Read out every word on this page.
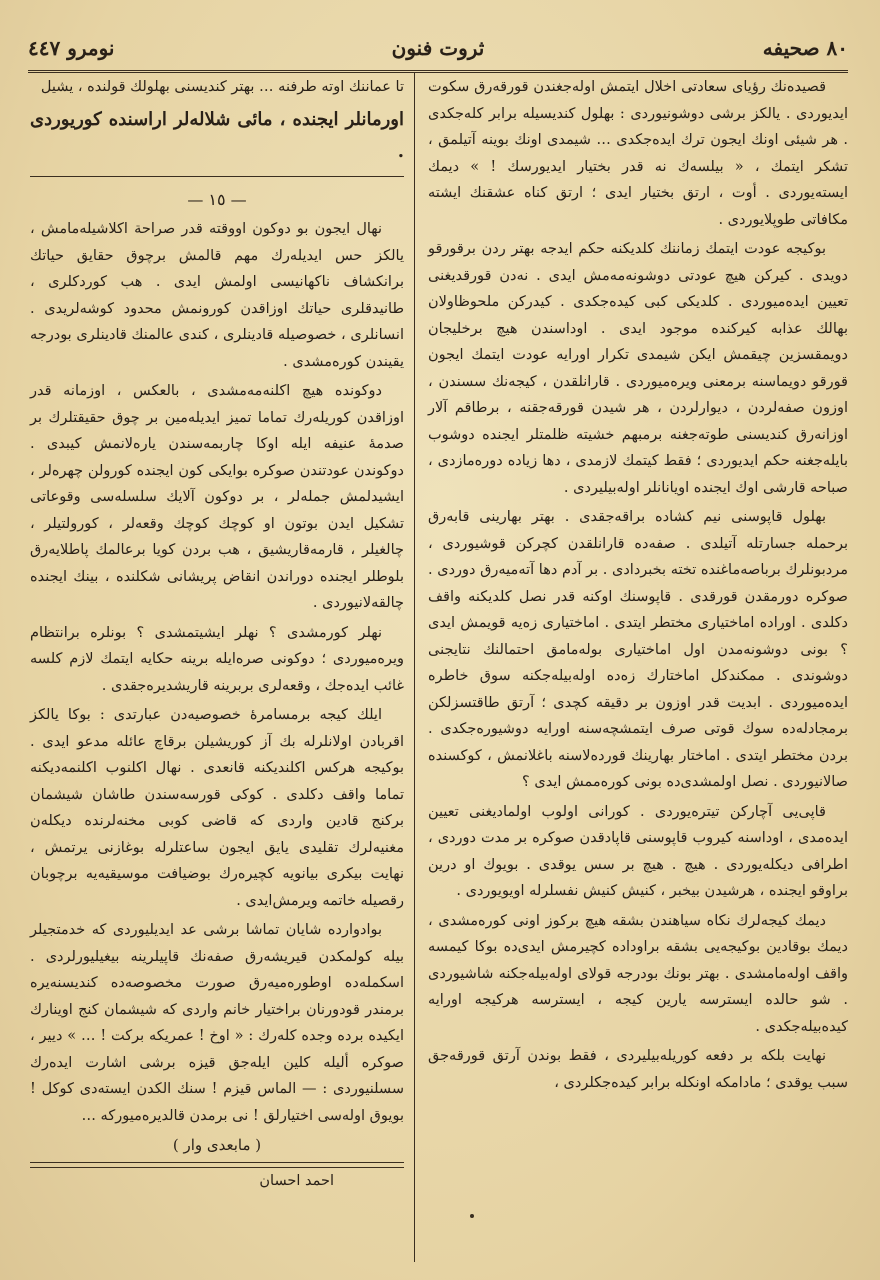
٨٠ صحيفه
ثروت فنون
نومرو ٤٤٧

قصيده‌نك رؤياى سعادتى اخلال ايتمش اوله‌جغندن قورقه‌رق سكوت ايديوردى . يالكز برشى دوشونيوردى : بهلول كنديسيله برابر كله‌جكدى . هر شيئى اونك ايجون ترك ايده‌جكدى … شيمدى اونك بوينه آتيلمق ، تشكر ايتمك ، « بيلسه‌ك نه قدر بختيار ايديورسك ! » ديمك ايسته‌يوردى . أوت ، ارتق بختيار ايدى ؛ ارتق كناه عشقنك ايشته مكافاتى طوپلايوردى .

بوكيجه عودت ايتمك زماننك كلديكنه حكم ايدجه بهتر ردن برقورقو دويدى . كيركن هيچ عودتى دوشونه‌مه‌مش ايدى . نه‌دن قورقديغنى تعيين ايده‌ميوردى . كلديكى كبى كيده‌جكدى . كيدركن ملحوظاولان بهالك عذابه كيركنده موجود ايدى . اوداسندن هيچ برخليجان دويمقسزين چيقمش ايكن شيمدى تكرار اورايه عودت ايتمك ايجون قورقو دويماسنه برمعنى ويره‌ميوردى . قارانلقدن ، كيجه‌نك سسندن ، اوزون صفه‌لردن ، ديوارلردن ، هر شيدن قورقه‌جقنه ، برطاقم آلار اوزانه‌رق كنديسنى طوته‌جغنه برمبهم خشيته ظلمتلر ايجنده دوشوب بايله‌جغنه حكم ايديوردى ؛ فقط كيتمك لازمدى ، دها زياده دوره‌مازدى ، صباحه قارشى اوك ايجنده اويانانلر اوله‌بيليردى .

بهلول قاپوسنى نيم كشاده براقه‌جقدى . بهتر بهارينى قابه‌رق برحمله جسارتله آتيلدى . صفه‌ده قارانلقدن كچركن قوشيوردى ، مردبونلرك برباصه‌ماغنده تخته بخبردادى . بر آدم دها آته‌ميه‌رق دوردى . صوكره دورمقدن قورقدى . قاپوسنك اوكنه قدر نصل كلديكنه واقف دكلدى . اوراده اماختيارى مختطر ايتدى . اماختيارى زه‌يه قويمش ايدى ؟ بونى دوشونه‌مدن اول اماختيارى بوله‌مامق احتمالنك نتايجنى دوشوندى . ممكندكل اماختارك زه‌ده اوله‌بيله‌جكنه سوق خاطره ايده‌ميوردى . ابديت قدر اوزون بر دقيقه كچدى ؛ آرتق طاقتسزلكن برمجادله‌ده سوك قوتى صرف ايتمشچه‌سنه اورايه دوشيوره‌جكدى . بردن مختطر ايتدى . اماختار بهارينك قورده‌لاسنه باغلانمش ، كوكسنده صالانيوردى . نصل اولمشدى‌ده بونى كوره‌ممش ايدى ؟

قاپى‌يى آچاركن تيتره‌يوردى . كورانى اولوب اولماديغنى تعيين ايده‌مدى ، اوداسنه كيروب قاپوسنى قاپادقدن صوكره بر مدت دوردى ، اطرافى ديكله‌يوردى . هيچ . هيچ بر سس يوقدى . بويوك او درين براوقو ايجنده ، هرشيدن بيخبر ، كنيش كنيش نفسلرله اويويوردى .

ديمك كيجه‌لرك نكاه سياهندن بشقه هيچ بركوز اونى كوره‌مشدى ، ديمك بوقادين بوكيجه‌يى بشقه براوداده كچيرمش ايدى‌ده بوكا كيمسه واقف اوله‌مامشدى . بهتر بونك بودرجه قولاى اوله‌بيله‌جكنه شاشيوردى . شو حالده ايسترسه يارين كيجه ، ايسترسه هركيجه اورايه كيده‌بيله‌جكدى .

نهايت بلكه بر دفعه كوريله‌بيليردى ، فقط بوندن آرتق قورقه‌جق سبب يوقدى ؛ مادامكه اونكله برابر كيده‌جكلردى ،

تا عماننك اوته طرفنه … بهتر كنديسنى بهلولك قولنده ، يشيل

اورمانلر ايجنده ، مائى شلاله‌لر اراسنده كوريوردى .

— ١٥ —

نهال ايجون بو دوكون اووقته قدر صراحة اكلاشيله‌مامش ، يالكز حس ايديله‌رك مهم قالمش برچوق حقايق حياتك برانكشاف ناكهانيسى اولمش ايدى . هب كورد‌كلرى ، طانيدقلرى حياتك اوزاقدن كورونمش محدود كوشه‌لريدى . انسانلرى ، خصوصيله قادينلرى ، كندى عالمنك قادينلرى بودرجه يقيندن كوره‌مشدى .

دوكونده هيچ اكلنه‌مه‌مشدى ، بالعكس ، اوزمانه قدر اوزاقدن كوريله‌رك تماما تميز ايديله‌مين بر چوق حقيقتلرك بر صدمهٔ عنيفه ايله اوكا چاربمه‌سندن يارەلانمش كيبدى . دوكوندن عودتندن صوكره بوايكى كون ايجنده كورولن چهره‌لر ، ايشيدلمش جمله‌لر ، بر دوكون آلايك سلسله‌سى وقوعاتى تشكيل ايدن بوتون او كوچك كوچك وقعه‌لر ، كورولتيلر ، چالغيلر ، قارمه‌قاريشيق ، هب بردن كويا برعالمك پاطلايه‌رق بلوطلر ايجنده دوراندن انقاض پريشانى شكلنده ، بينك ايجنده چالقه‌لانيوردى .

نهلر كورمشدى ؟ نهلر ايشيتمشدى ؟ بونلره برانتظام ويره‌ميوردى ؛ دوكونى صره‌ايله برينه حكايه ايتمك لازم كلسه غائب ايده‌جك ، وقعه‌لرى بربرينه قاريشديره‌جقدى .

ايلك كيجه برمسامرهٔ خصوصيه‌دن عبارتدى : بوكا يالكز اقربادن اولانلرله بك آز كوريشيلن برقاچ عائله مدعو ايدى . بوكيجه هركس اكلنديكنه قانعدى . نهال اكلنوب اكلنمه‌ديكنه تماما واقف دكلدى . كوكى قورسه‌سندن طاشان شيشمان بركنج قادين واردى كه قاضى كوبى مخنه‌لرنده ديكله‌ن مغنيه‌لرك تقليدى يايق ايجون ساعتلرله بوغازنى يرتمش ، نهايت بيكرى بيانويه كچيره‌رك بوضيافت موسيقيه‌يه برچوبان رقصيله خاتمه ويرمش‌ايدى .

بوادوارده شايان تماشا برشى عد ايديليوردى كه خدمتجيلر بيله كولمكدن قيريشه‌رق صفه‌نك قاپيلرينه بيغيليورلردى . اسكمله‌ده اوطوره‌ميه‌رق صورت مخصوصه‌ده كنديسنه‌يره برمندر قودورنان براختيار خانم واردى كه شيشمان كنج اوينارك ايكيده برده وجده كله‌رك : « اوخ ! عمريكه بركت ! … » ديير ، صوكره أليله كلين ايله‌جق قيزه برشى اشارت ايده‌رك سسلنيوردى : — الماس قيزم ! سنك الكدن ايسته‌دى كوكل ! بويوق اوله‌سى اختيارلق ! نى برمدن قالديره‌ميوركه …

( مابعدى وار )

احمد احسان
